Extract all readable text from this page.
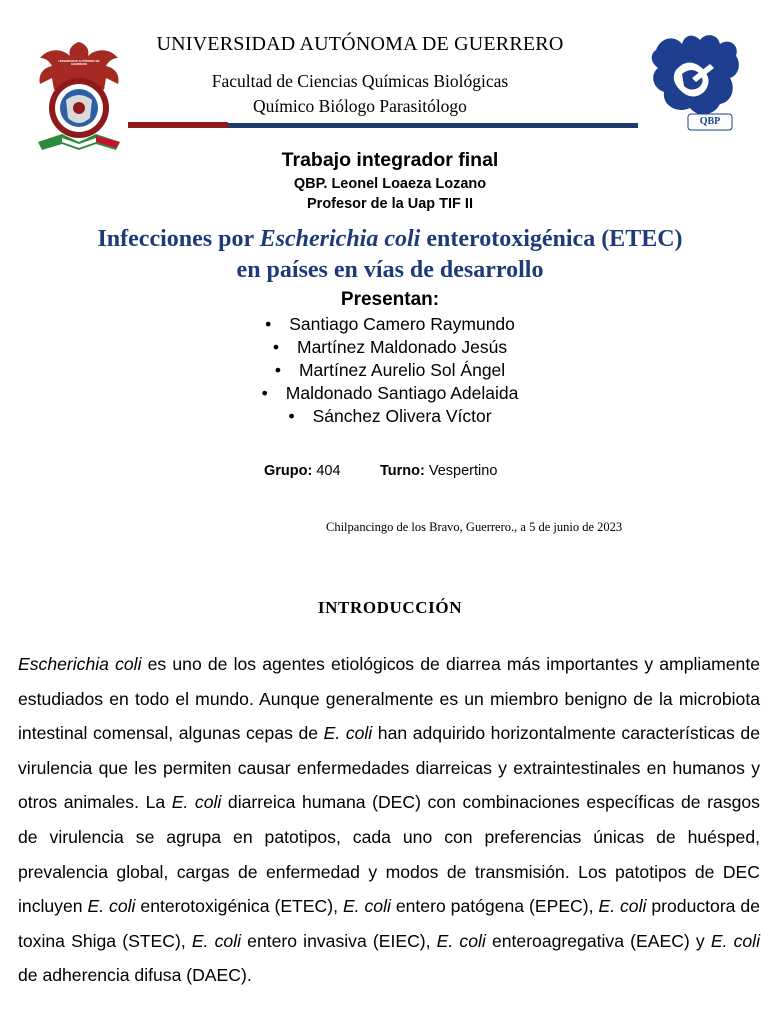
UNIVERSIDAD AUTÓNOMA DE GUERRERO
QBP
UNIVERSIDAD AUTÓNOMA DE GUERRERO
Facultad de Ciencias Químicas Biológicas
Químico Biólogo Parasitólogo
Trabajo integrador final
QBP. Leonel Loaeza Lozano
Profesor de la Uap TIF II
Infecciones por Escherichia coli enterotoxigénica (ETEC)
en países en vías de desarrollo
Presentan:
• Santiago Camero Raymundo
• Martínez Maldonado Jesús
• Martínez Aurelio Sol Ángel
• Maldonado Santiago Adelaida
• Sánchez Olivera Víctor
Grupo: 404	Turno: Vespertino
Chilpancingo de los Bravo, Guerrero., a 5 de junio de 2023
INTRODUCCIÓN
Escherichia coli es uno de los agentes etiológicos de diarrea más importantes y ampliamente estudiados en todo el mundo. Aunque generalmente es un miembro benigno de la microbiota intestinal comensal, algunas cepas de E. coli han adquirido horizontalmente características de virulencia que les permiten causar enfermedades diarreicas y extraintestinales en humanos y otros animales. La E. coli diarreica humana (DEC) con combinaciones específicas de rasgos de virulencia se agrupa en patotipos, cada uno con preferencias únicas de huésped, prevalencia global, cargas de enfermedad y modos de transmisión. Los patotipos de DEC incluyen E. coli enterotoxigénica (ETEC), E. coli entero patógena (EPEC), E. coli productora de toxina Shiga (STEC), E. coli entero invasiva (EIEC), E. coli enteroagregativa (EAEC) y E. coli de adherencia difusa (DAEC).
